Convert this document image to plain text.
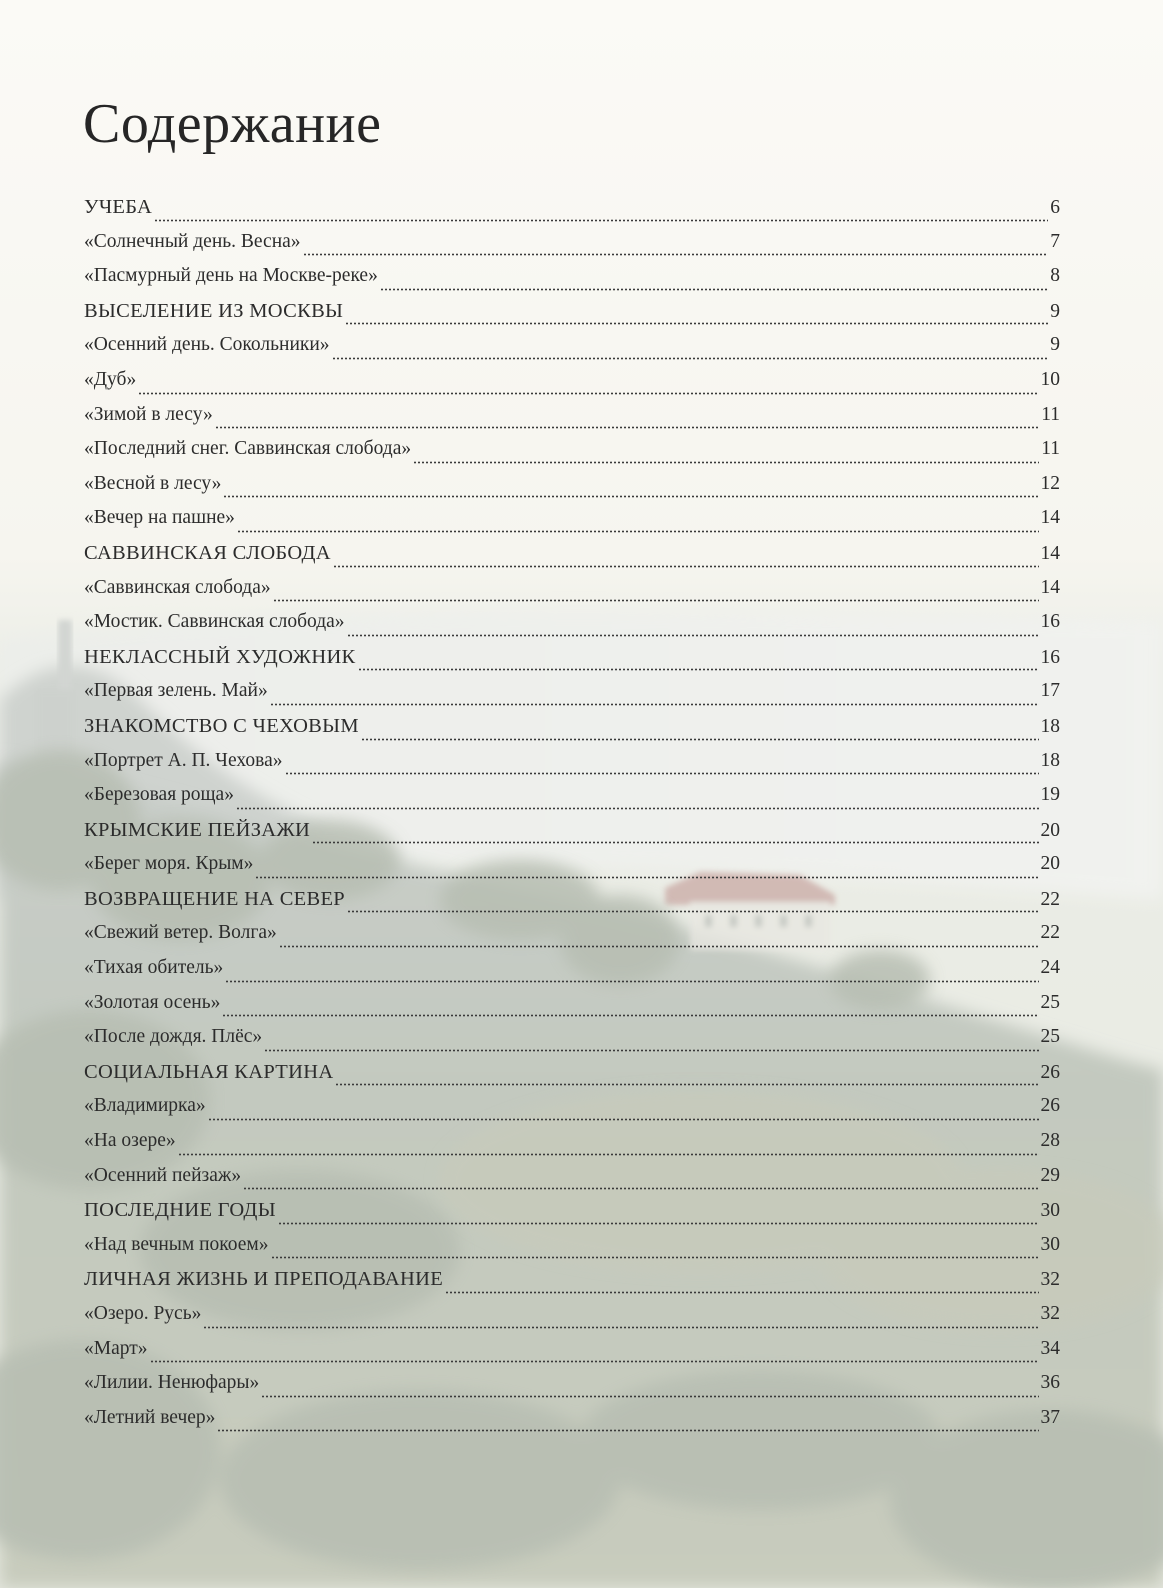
Содержание
УЧЕБА	6
«Солнечный день. Весна»	7
«Пасмурный день на Москве-реке»	8
ВЫСЕЛЕНИЕ ИЗ МОСКВЫ	9
«Осенний день. Сокольники»	9
«Дуб»	10
«Зимой в лесу»	11
«Последний снег. Саввинская слобода»	11
«Весной в лесу»	12
«Вечер на пашне»	14
САВВИНСКАЯ СЛОБОДА	14
«Саввинская слобода»	14
«Мостик. Саввинская слобода»	16
НЕКЛАССНЫЙ ХУДОЖНИК	16
«Первая зелень. Май»	17
ЗНАКОМСТВО С ЧЕХОВЫМ	18
«Портрет А. П. Чехова»	18
«Березовая роща»	19
КРЫМСКИЕ ПЕЙЗАЖИ	20
«Берег моря. Крым»	20
ВОЗВРАЩЕНИЕ НА СЕВЕР	22
«Свежий ветер. Волга»	22
«Тихая обитель»	24
«Золотая осень»	25
«После дождя. Плёс»	25
СОЦИАЛЬНАЯ КАРТИНА	26
«Владимирка»	26
«На озере»	28
«Осенний пейзаж»	29
ПОСЛЕДНИЕ ГОДЫ	30
«Над вечным покоем»	30
ЛИЧНАЯ ЖИЗНЬ И ПРЕПОДАВАНИЕ	32
«Озеро. Русь»	32
«Март»	34
«Лилии. Ненюфары»	36
«Летний вечер»	37
